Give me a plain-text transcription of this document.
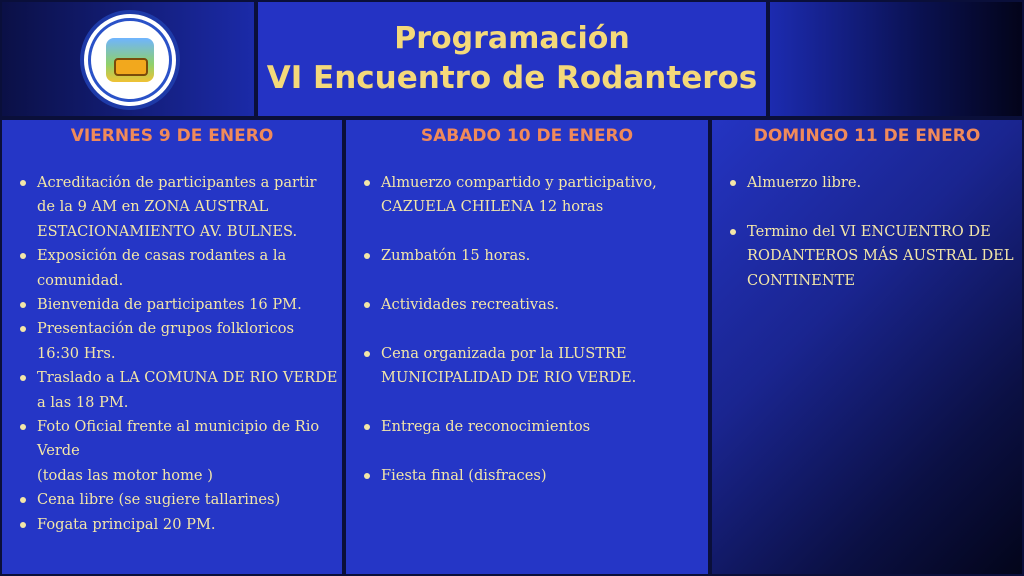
Programación
VI Encuentro de Rodanteros
VIERNES 9 DE ENERO
Acreditación de participantes a partir de la 9 AM en ZONA AUSTRAL ESTACIONAMIENTO AV. BULNES.
Exposición de casas rodantes a la comunidad.
Bienvenida de participantes 16 PM.
Presentación de grupos folkloricos 16:30 Hrs.
Traslado a LA COMUNA DE RIO VERDE a las 18 PM.
Foto Oficial frente al municipio de Rio Verde
(todas las motor home )
Cena libre (se sugiere tallarines)
Fogata principal 20 PM.
SABADO 10 DE ENERO
Almuerzo compartido y participativo, CAZUELA CHILENA 12 horas
Zumbatón 15 horas.
Actividades recreativas.
Cena organizada por la ILUSTRE MUNICIPALIDAD DE RIO VERDE.
Entrega de reconocimientos
Fiesta final (disfraces)
DOMINGO 11 DE ENERO
Almuerzo libre.
Termino del VI ENCUENTRO DE RODANTEROS MÁS AUSTRAL DEL CONTINENTE
